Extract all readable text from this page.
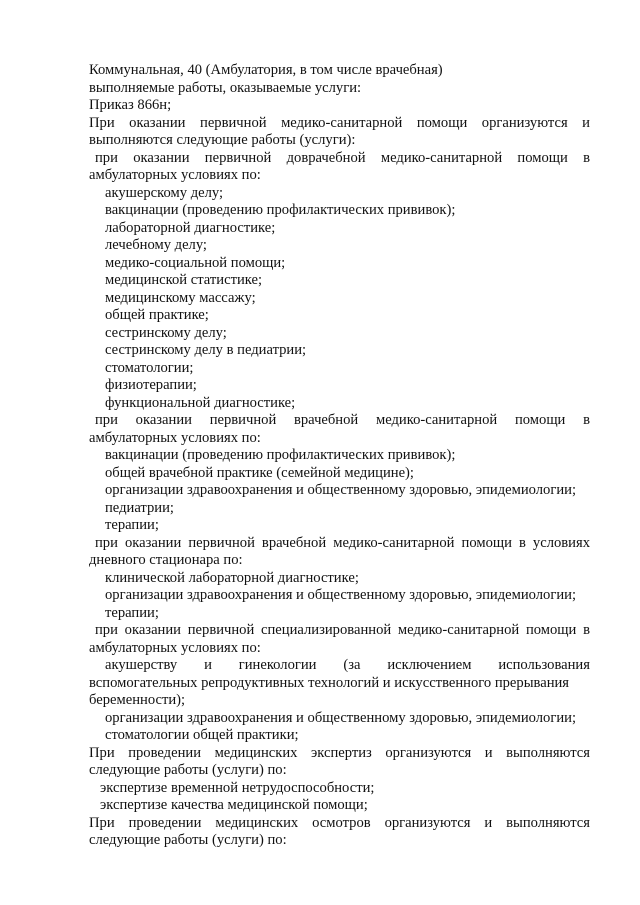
Коммунальная, 40 (Амбулатория, в том числе врачебная)

выполняемые работы, оказываемые услуги:

Приказ 866н;

При оказании первичной медико-санитарной помощи организуются и

выполняются следующие работы (услуги):

при оказании первичной доврачебной медико-санитарной помощи в

амбулаторных условиях по:

акушерскому делу;

вакцинации (проведению профилактических прививок);

лабораторной диагностике;

лечебному делу;

медико-социальной помощи;

медицинской статистике;

медицинскому массажу;

общей практике;

сестринскому делу;

сестринскому делу в педиатрии;

стоматологии;

физиотерапии;

функциональной диагностике;

при оказании первичной врачебной медико-санитарной помощи в

амбулаторных условиях по:

вакцинации (проведению профилактических прививок);

общей врачебной практике (семейной медицине);

организации здравоохранения и общественному здоровью, эпидемиологии;

педиатрии;

терапии;

при оказании первичной врачебной медико-санитарной помощи в условиях

дневного стационара по:

клинической лабораторной диагностике;

организации здравоохранения и общественному здоровью, эпидемиологии;

терапии;

при оказании первичной специализированной медико-санитарной помощи в

амбулаторных условиях по:

акушерству и гинекологии (за исключением использования

вспомогательных репродуктивных технологий и искусственного прерывания

беременности);

организации здравоохранения и общественному здоровью, эпидемиологии;

стоматологии общей практики;

При проведении медицинских экспертиз организуются и выполняются

следующие работы (услуги) по:

экспертизе временной нетрудоспособности;

экспертизе качества медицинской помощи;

При проведении медицинских осмотров организуются и выполняются

следующие работы (услуги) по:
